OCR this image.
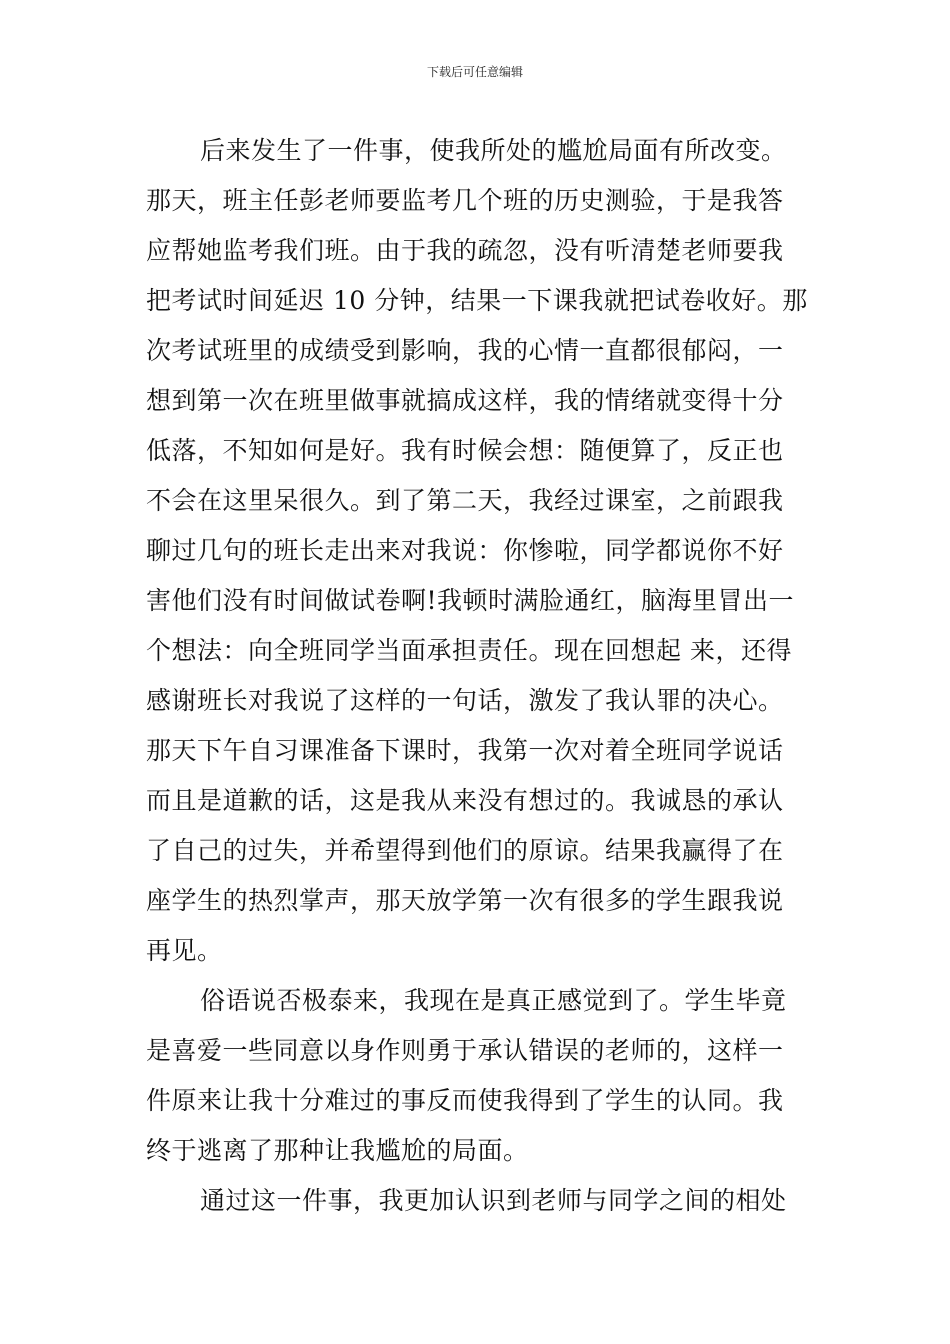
下载后可任意编辑
后来发生了一件事，使我所处的尴尬局面有所改变。
那天，班主任彭老师要监考几个班的历史测验，于是我答
应帮她监考我们班。由于我的疏忽，没有听清楚老师要我
把考试时间延迟 10 分钟，结果一下课我就把试卷收好。那
次考试班里的成绩受到影响，我的心情一直都很郁闷，一
想到第一次在班里做事就搞成这样，我的情绪就变得十分
低落，不知如何是好。我有时候会想：随便算了，反正也
不会在这里呆很久。到了第二天，我经过课室，之前跟我
聊过几句的班长走出来对我说：你惨啦，同学都说你不好
害他们没有时间做试卷啊!我顿时满脸通红，脑海里冒出一
个想法：向全班同学当面承担责任。现在回想起 来，还得
感谢班长对我说了这样的一句话，激发了我认罪的决心。
那天下午自习课准备下课时，我第一次对着全班同学说话
而且是道歉的话，这是我从来没有想过的。我诚恳的承认
了自己的过失，并希望得到他们的原谅。结果我赢得了在
座学生的热烈掌声，那天放学第一次有很多的学生跟我说
再见。
俗语说否极泰来，我现在是真正感觉到了。学生毕竟
是喜爱一些同意以身作则勇于承认错误的老师的，这样一
件原来让我十分难过的事反而使我得到了学生的认同。我
终于逃离了那种让我尴尬的局面。
通过这一件事，我更加认识到老师与同学之间的相处
